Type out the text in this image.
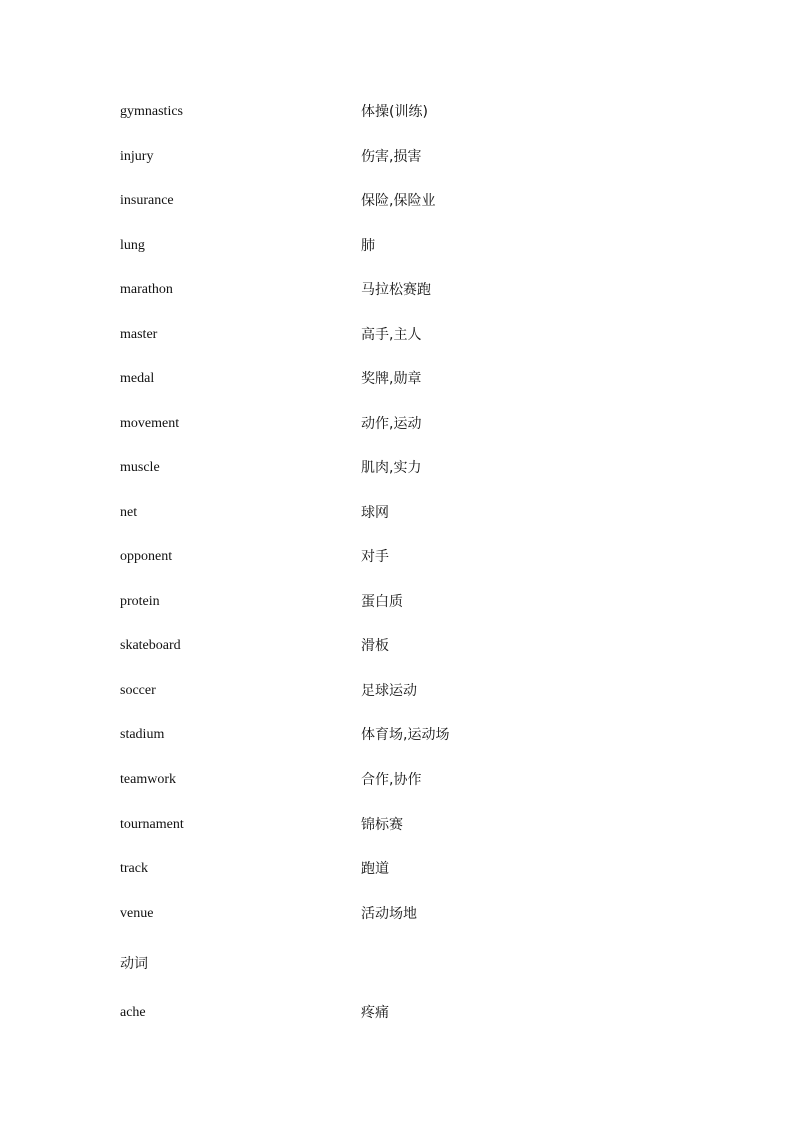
gymnastics	体操(训练)
injury	伤害,损害
insurance	保险,保险业
lung	肺
marathon	马拉松赛跑
master	高手,主人
medal	奖牌,勋章
movement	动作,运动
muscle	肌肉,实力
net	球网
opponent	对手
protein	蛋白质
skateboard	滑板
soccer	足球运动
stadium	体育场,运动场
teamwork	合作,协作
tournament	锦标赛
track	跑道
venue	活动场地
动词
ache	疼痛
